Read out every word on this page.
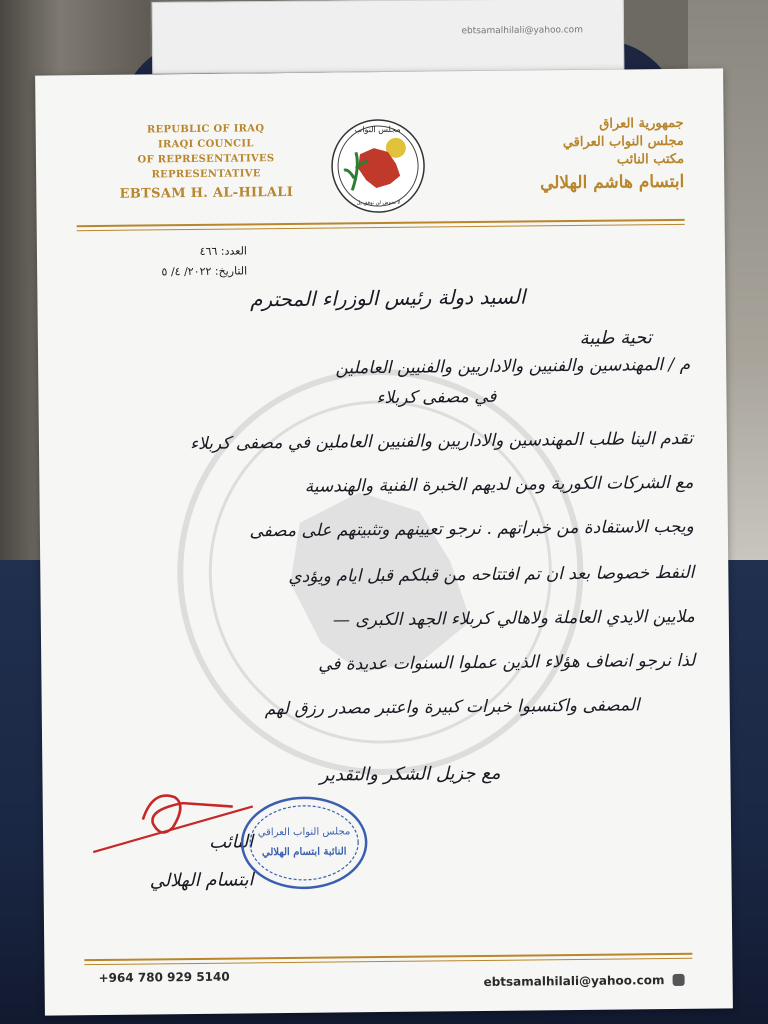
ebtsamalhilali@yahoo.com
REPUBLIC OF IRAQ
IRAQI COUNCIL
OF REPRESENTATIVES
REPRESENTATIVE
EBTSAM H. AL-HILALI
مجلس النواب
لا نخوض لن نوفق بل
جمهورية العراق
مجلس النواب العراقي
مكتب النائب
ابتسام هاشم الهلالي
العدد: ٤٦٦
التاريخ: ٢٠٢٢/ ٤/ ٥
السيد دولة رئيس الوزراء المحترم
تحية طيبة
م / المهندسين والفنيين والاداريين والفنيين العاملين
في مصفى كربلاء
تقدم الينا طلب المهندسين والاداريين والفنيين العاملين في مصفى كربلاء
مع الشركات الكورية ومن لديهم الخبرة الفنية والهندسية
ويجب الاستفادة من خبراتهم . نرجو تعيينهم وتثبيتهم على مصفى
النفط خصوصا بعد ان تم افتتاحه من قبلكم قبل ايام ويؤدي
ملايين الايدي العاملة ولاهالي كربلاء الجهد الكبرى —
لذا نرجو انصاف هؤلاء الذين عملوا السنوات عديدة في
المصفى واكتسبوا خبرات كبيرة واعتبر مصدر رزق لهم
مع جزيل الشكر والتقدير
النائب
ابتسام الهلالي
مجلس النواب العراقي
النائبة ابتسام الهلالي
+964 780 929 5140	ebtsamalhilali@yahoo.com
